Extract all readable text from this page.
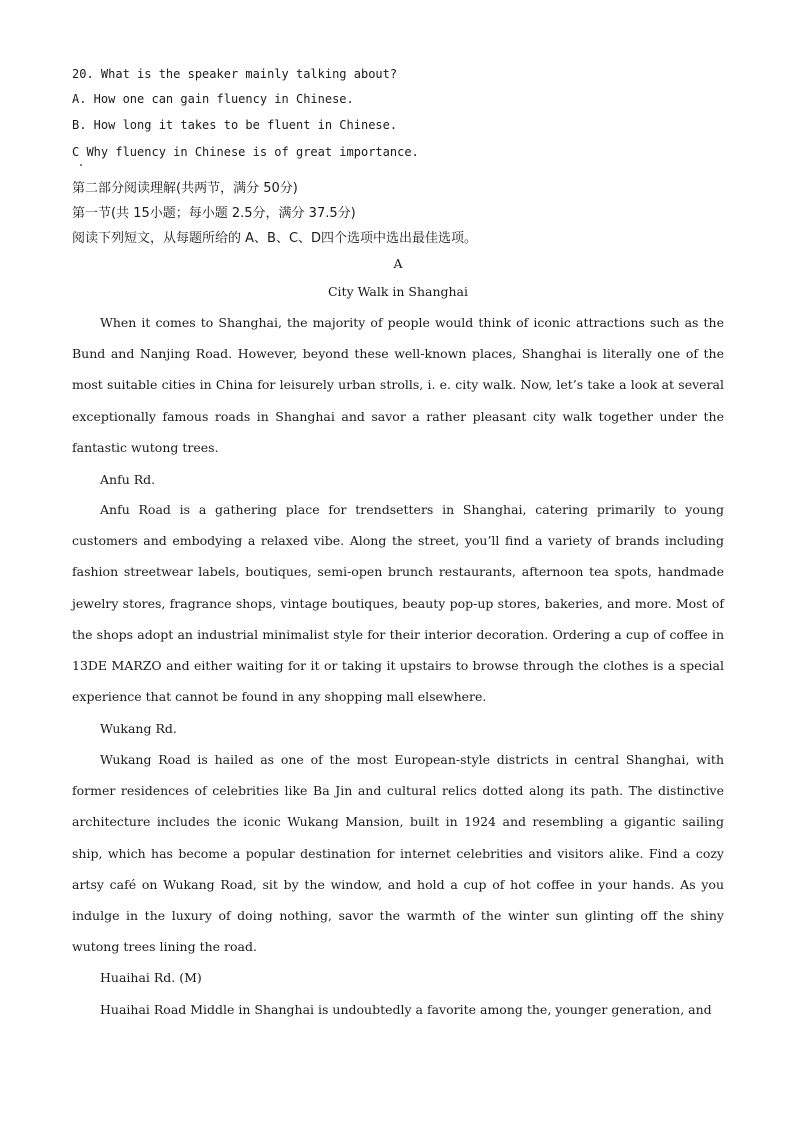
20. What is the speaker mainly talking about?
A. How one can gain fluency in Chinese.
B. How long it takes to be fluent in Chinese.
C Why fluency in Chinese is of great importance.
第二部分阅读理解(共两节，满分 50分)
第一节(共 15小题；每小题 2.5分，满分 37.5分)
阅读下列短文，从每题所给的 A、B、C、D四个选项中选出最佳选项。
A
City Walk in Shanghai

When it comes to Shanghai, the majority of people would think of iconic attractions such as the Bund and Nanjing Road. However, beyond these well-known places, Shanghai is literally one of the most suitable cities in China for leisurely urban strolls, i. e. city walk. Now, let’s take a look at several exceptionally famous roads in Shanghai and savor a rather pleasant city walk together under the fantastic wutong trees.

Anfu Rd.

Anfu Road is a gathering place for trendsetters in Shanghai, catering primarily to young customers and embodying a relaxed vibe. Along the street, you’ll find a variety of brands including fashion streetwear labels, boutiques, semi-open brunch restaurants, afternoon tea spots, handmade jewelry stores, fragrance shops, vintage boutiques, beauty pop-up stores, bakeries, and more. Most of the shops adopt an industrial minimalist style for their interior decoration. Ordering a cup of coffee in 13DE MARZO and either waiting for it or taking it upstairs to browse through the clothes is a special experience that cannot be found in any shopping mall elsewhere.

Wukang Rd.

Wukang Road is hailed as one of the most European-style districts in central Shanghai, with former residences of celebrities like Ba Jin and cultural relics dotted along its path. The distinctive architecture includes the iconic Wukang Mansion, built in 1924 and resembling a gigantic sailing ship, which has become a popular destination for internet celebrities and visitors alike. Find a cozy artsy café on Wukang Road, sit by the window, and hold a cup of hot coffee in your hands. As you indulge in the luxury of doing nothing, savor the warmth of the winter sun glinting off the shiny wutong trees lining the road.

Huaihai Rd. (M)

Huaihai Road Middle in Shanghai is undoubtedly a favorite among the, younger generation, and
